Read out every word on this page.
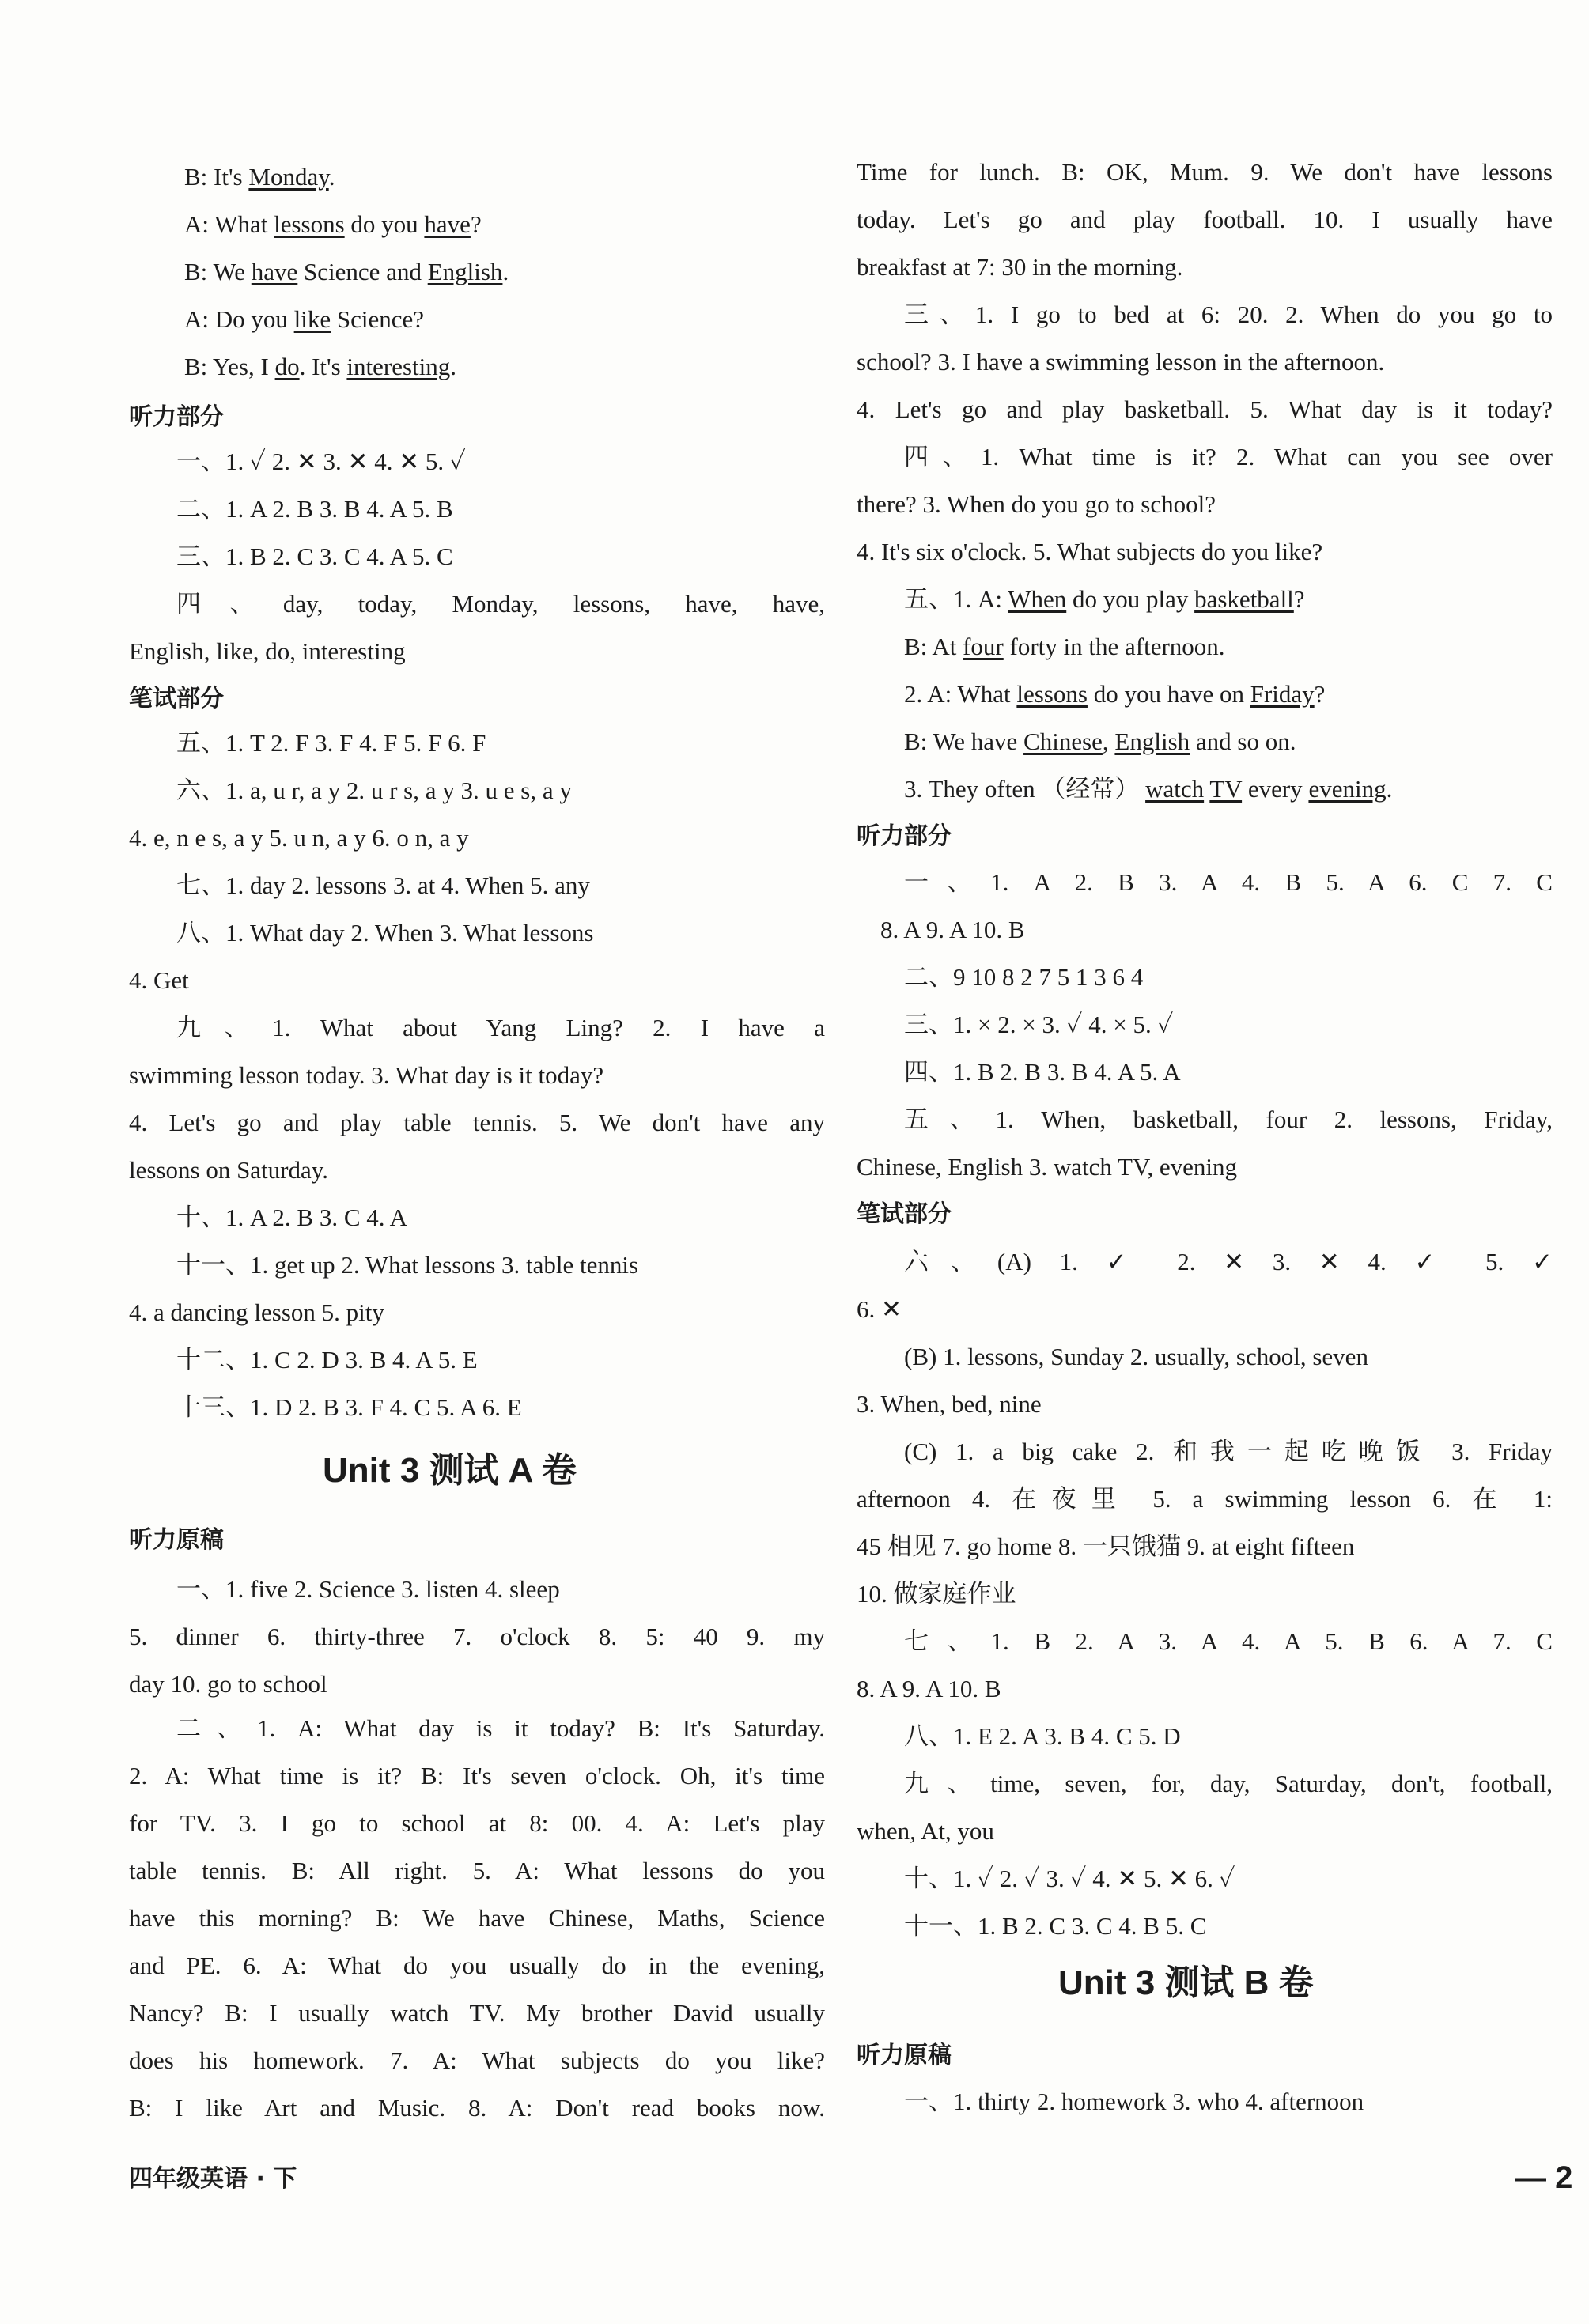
B: It's Monday.
A: What lessons do you have?
B: We have Science and English.
A: Do you like Science?
B: Yes, I do. It's interesting.
听力部分
一、1. ✓ 2. ✕ 3. ✕ 4. ✕ 5. ✓
二、1. A 2. B 3. B 4. A 5. B
三、1. B 2. C 3. C 4. A 5. C
四、day, today, Monday, lessons, have, have,
English, like, do, interesting
笔试部分
五、1. T 2. F 3. F 4. F 5. F 6. F
六、1. a, u r, a y 2. u r s, a y 3. u e s, a y
4. e, n e s, a y 5. u n, a y 6. o n, a y
七、1. day 2. lessons 3. at 4. When 5. any
八、1. What day 2. When 3. What lessons
4. Get
九、1. What about Yang Ling? 2. I have a
swimming lesson today. 3. What day is it today?
4. Let's go and play table tennis. 5. We don't have any
lessons on Saturday.
十、1. A 2. B 3. C 4. A
十一、1. get up 2. What lessons 3. table tennis
4. a dancing lesson 5. pity
十二、1. C 2. D 3. B 4. A 5. E
十三、1. D 2. B 3. F 4. C 5. A 6. E
听力原稿
一、1. five 2. Science 3. listen 4. sleep
5. dinner 6. thirty-three 7. o'clock 8. 5: 40 9. my
day 10. go to school
二、1. A: What day is it today? B: It's Saturday.
2. A: What time is it? B: It's seven o'clock. Oh, it's time
for TV. 3. I go to school at 8: 00. 4. A: Let's play
table tennis. B: All right. 5. A: What lessons do you
have this morning? B: We have Chinese, Maths, Science
and PE. 6. A: What do you usually do in the evening,
Nancy? B: I usually watch TV. My brother David usually
does his homework. 7. A: What subjects do you like?
B: I like Art and Music. 8. A: Don't read books now.
Time for lunch. B: OK, Mum. 9. We don't have lessons
today. Let's go and play football. 10. I usually have
breakfast at 7: 30 in the morning.
三、1. I go to bed at 6: 20. 2. When do you go to
school? 3. I have a swimming lesson in the afternoon.
4. Let's go and play basketball. 5. What day is it today?
四、1. What time is it? 2. What can you see over
there? 3. When do you go to school?
4. It's six o'clock. 5. What subjects do you like?
五、1. A: When do you play basketball?
B: At four forty in the afternoon.
2. A: What lessons do you have on Friday?
B: We have Chinese, English and so on.
3. They often （经常） watch TV every evening.
听力部分
一、1. A 2. B 3. A 4. B 5. A 6. C 7. C
8. A 9. A 10. B
二、9 10 8 2 7 5 1 3 6 4
三、1. × 2. × 3. ✓ 4. × 5. ✓
四、1. B 2. B 3. B 4. A 5. A
五、1. When, basketball, four 2. lessons, Friday,
Chinese, English 3. watch TV, evening
笔试部分
六、(A) 1. ✓ 2. ✕ 3. ✕ 4. ✓ 5. ✓
6. ✕
(B) 1. lessons, Sunday 2. usually, school, seven
3. When, bed, nine
(C) 1. a big cake 2. 和我一起吃晚饭 3. Friday
afternoon 4. 在夜里 5. a swimming lesson 6. 在 1:
45 相见 7. go home 8. 一只饿猫 9. at eight fifteen
10. 做家庭作业
七、1. B 2. A 3. A 4. A 5. B 6. A 7. C
8. A 9. A 10. B
八、1. E 2. A 3. B 4. C 5. D
九、time, seven, for, day, Saturday, don't, football,
when, At, you
十、1. ✓ 2. ✓ 3. ✓ 4. ✕ 5. ✕ 6. ✓
十一、1. B 2. C 3. C 4. B 5. C
听力原稿
一、1. thirty 2. homework 3. who 4. afternoon
Unit 3 测试 A 卷
Unit 3 测试 B 卷
四年级英语 · 下	— 2
